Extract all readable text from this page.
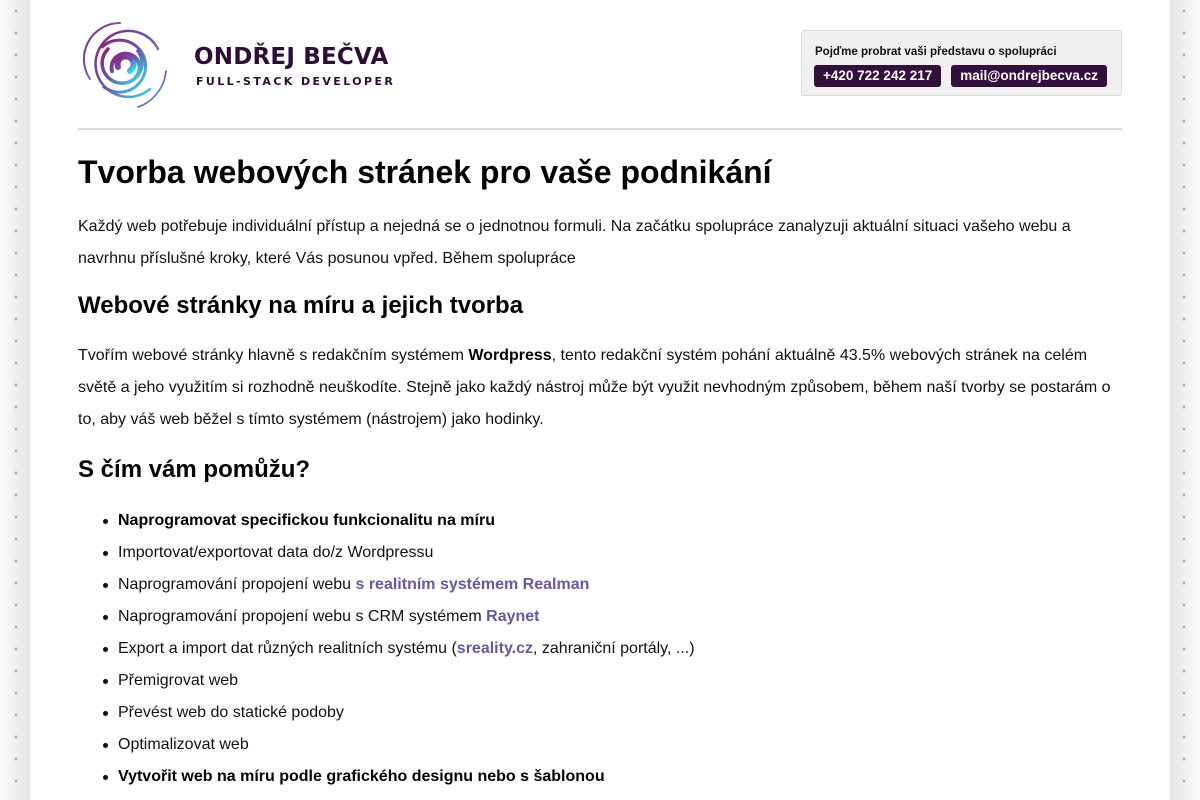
ONDŘEJ BEČVA
FULL-STACK DEVELOPER
Pojďme probrat vaši představu o spolupráci
+420 722 242 217	mail@ondrejbecva.cz
Tvorba webových stránek pro vaše podnikání

Každý web potřebuje individuální přístup a nejedná se o jednotnou formuli. Na začátku spolupráce zanalyzuji aktuální situaci vašeho webu a navrhnu příslušné kroky, které Vás posunou vpřed. Během spolupráce

Webové stránky na míru a jejich tvorba

Tvořím webové stránky hlavně s redakčním systémem Wordpress, tento redakční systém pohání aktuálně 43.5% webových stránek na celém světě a jeho využitím si rozhodně neuškodíte. Stejně jako každý nástroj může být využit nevhodným způsobem, během naší tvorby se postarám o to, aby váš web běžel s tímto systémem (nástrojem) jako hodinky.

S čím vám pomůžu?
Naprogramovat specifickou funkcionalitu na míru
Importovat/exportovat data do/z Wordpressu
Naprogramování propojení webu s realitním systémem Realman
Naprogramování propojení webu s CRM systémem Raynet
Export a import dat různých realitních systému (sreality.cz, zahraniční portály, ...)
Přemigrovat web
Převést web do statické podoby
Optimalizovat web
Vytvořit web na míru podle grafického designu nebo s šablonou
